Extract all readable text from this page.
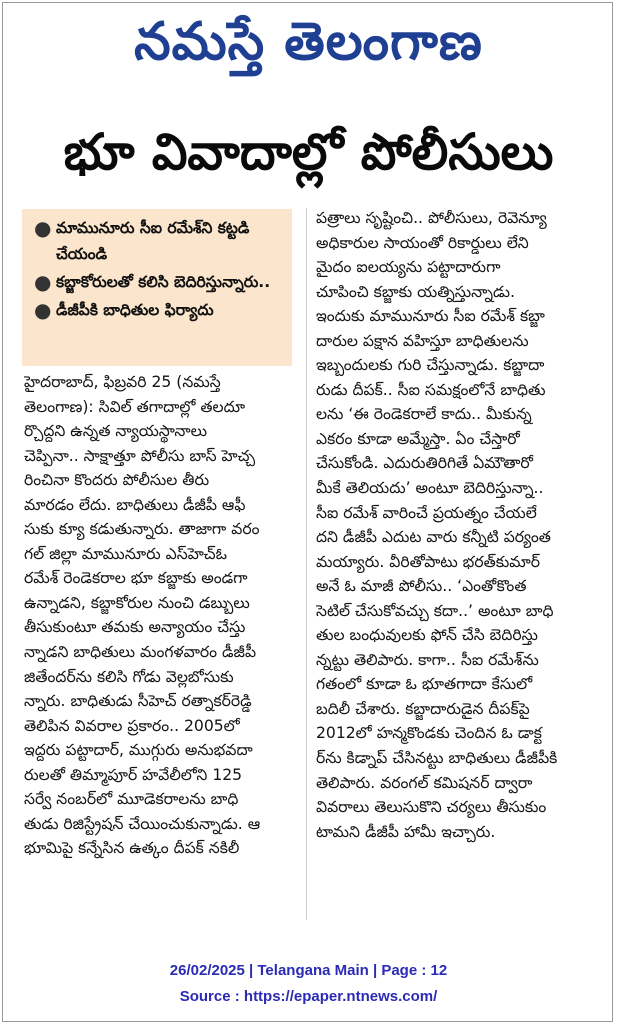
నమస్తే తెలంగాణ
భూ వివాదాల్లో పోలీసులు
● మామునూరు సీఐ రమేశ్‌ని కట్టడి చేయండి
● కబ్జాకోరులతో కలిసి బెదిరిస్తున్నారు..
● డీజీపీకి బాధితుల ఫిర్యాదు
హైదరాబాద్, ఫిబ్రవరి 25 (నమస్తే
తెలంగాణ): సివిల్ తగాదాల్లో తలదూ
ర్చొద్దని ఉన్నత న్యాయస్థానాలు
చెప్పినా.. సాక్షాత్తూ పోలీసు బాస్ హెచ్చ
రించినా కొందరు పోలీసుల తీరు
మారడం లేదు. బాధితులు డీజీపీ ఆఫీ
సుకు క్యూ కడుతున్నారు. తాజాగా వరం
గల్ జిల్లా మామునూరు ఎస్‌హెచ్‌ఓ
రమేశ్ రెండెకరాల భూ కబ్జాకు అండగా
ఉన్నాడని, కబ్జాకోరుల నుంచి డబ్బులు
తీసుకుంటూ తమకు అన్యాయం చేస్తు
న్నాడని బాధితులు మంగళవారం డీజీపీ
జితేందర్‌ను కలిసి గోడు వెల్లబోసుకు
న్నారు. బాధితుడు సీహెచ్ రత్నాకర్‌రెడ్డి
తెలిపిన వివరాల ప్రకారం.. 2005లో
ఇద్దరు పట్టాదార్, ముగ్గురు అనుభవదా
రులతో తిమ్మాపూర్ హవేలీలోని 125
సర్వే నంబర్‌లో మూడెకరాలను బాధి
తుడు రిజిస్ట్రేషన్ చేయించుకున్నాడు. ఆ
భూమిపై కన్నేసిన ఉత్కం దీపక్ నకిలీ
పత్రాలు సృష్టించి.. పోలీసులు, రెవెన్యూ
అధికారుల సాయంతో రికార్డులు లేని
మైదం ఐలయ్యను పట్టాదారుగా
చూపించి కబ్జాకు యత్నిస్తున్నాడు.
ఇందుకు మామునూరు సీఐ రమేశ్ కబ్జా
దారుల పక్షాన వహిస్తూ బాధితులను
ఇబ్బందులకు గురి చేస్తున్నాడు. కబ్జాదా
రుడు దీపక్.. సీఐ సమక్షంలోనే బాధితు
లను ‘ఈ రెండెకరాలే కాదు.. మీకున్న
ఎకరం కూడా అమ్మేస్తా. ఏం చేస్తారో
చేసుకోండి. ఎదురుతిరిగితే ఏమౌతారో
మీకే తెలియదు’ అంటూ బెదిరిస్తున్నా..
సీఐ రమేశ్ వారించే ప్రయత్నం చేయలే
దని డీజీపీ ఎదుట వారు కన్నీటి పర్యంత
మయ్యారు. వీరితోపాటు భరత్‌కుమార్
అనే ఓ మాజీ పోలీసు.. ‘ఎంతోకొంత
సెటిల్ చేసుకోవచ్చు కదా..’ అంటూ బాధి
తుల బంధువులకు ఫోన్ చేసి బెదిరిస్తు
న్నట్టు తెలిపారు. కాగా.. సీఐ రమేశ్‌ను
గతంలో కూడా ఓ భూతగాదా కేసులో
బదిలీ చేశారు. కబ్జాదారుడైన దీపక్‌పై
2012లో హన్మకొండకు చెందిన ఓ డాక్ట
ర్‌ను కిడ్నాప్ చేసినట్టు బాధితులు డీజీపీకి
తెలిపారు. వరంగల్ కమిషనర్ ద్వారా
వివరాలు తెలుసుకొని చర్యలు తీసుకుం
టామని డీజీపీ హామీ ఇచ్చారు.
26/02/2025 | Telangana Main | Page : 12
Source : https://epaper.ntnews.com/
